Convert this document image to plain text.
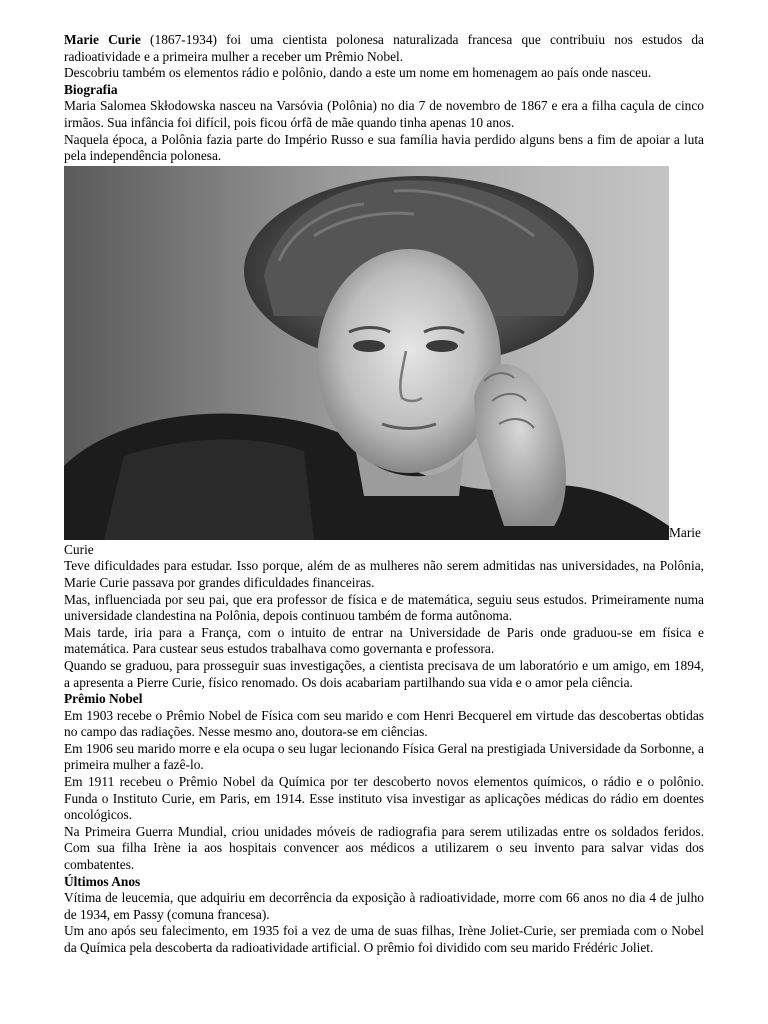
Marie Curie (1867-1934) foi uma cientista polonesa naturalizada francesa que contribuiu nos estudos da radioatividade e a primeira mulher a receber um Prêmio Nobel.

Descobriu também os elementos rádio e polônio, dando a este um nome em homenagem ao país onde nasceu.

Biografia

Maria Salomea Skłodowska nasceu na Varsóvia (Polônia) no dia 7 de novembro de 1867 e era a filha caçula de cinco irmãos. Sua infância foi difícil, pois ficou órfã de mãe quando tinha apenas 10 anos.

Naquela época, a Polônia fazia parte do Império Russo e sua família havia perdido alguns bens a fim de apoiar a luta pela independência polonesa.

Marie

Curie

Teve dificuldades para estudar. Isso porque, além de as mulheres não serem admitidas nas universidades, na Polônia, Marie Curie passava por grandes dificuldades financeiras.

Mas, influenciada por seu pai, que era professor de física e de matemática, seguiu seus estudos. Primeiramente numa universidade clandestina na Polônia, depois continuou também de forma autônoma.

Mais tarde, iria para a França, com o intuito de entrar na Universidade de Paris onde graduou-se em física e matemática. Para custear seus estudos trabalhava como governanta e professora.

Quando se graduou, para prosseguir suas investigações, a cientista precisava de um laboratório e um amigo, em 1894, a apresenta a Pierre Curie, físico renomado. Os dois acabariam partilhando sua vida e o amor pela ciência.

Prêmio Nobel

Em 1903 recebe o Prêmio Nobel de Física com seu marido e com Henri Becquerel em virtude das descobertas obtidas no campo das radiações. Nesse mesmo ano, doutora-se em ciências.

Em 1906 seu marido morre e ela ocupa o seu lugar lecionando Física Geral na prestigiada Universidade da Sorbonne, a primeira mulher a fazê-lo.

Em 1911 recebeu o Prêmio Nobel da Química por ter descoberto novos elementos químicos, o rádio e o polônio. Funda o Instituto Curie, em Paris, em 1914. Esse instituto visa investigar as aplicações médicas do rádio em doentes oncológicos.

Na Primeira Guerra Mundial, criou unidades móveis de radiografia para serem utilizadas entre os soldados feridos. Com sua filha Irène ia aos hospitais convencer aos médicos a utilizarem o seu invento para salvar vidas dos combatentes.

Últimos Anos

Vítima de leucemia, que adquiriu em decorrência da exposição à radioatividade, morre com 66 anos no dia 4 de julho de 1934, em Passy (comuna francesa).

Um ano após seu falecimento, em 1935 foi a vez de uma de suas filhas, Irène Joliet-Curie, ser premiada com o Nobel da Química pela descoberta da radioatividade artificial. O prêmio foi dividido com seu marido Frédéric Joliet.
